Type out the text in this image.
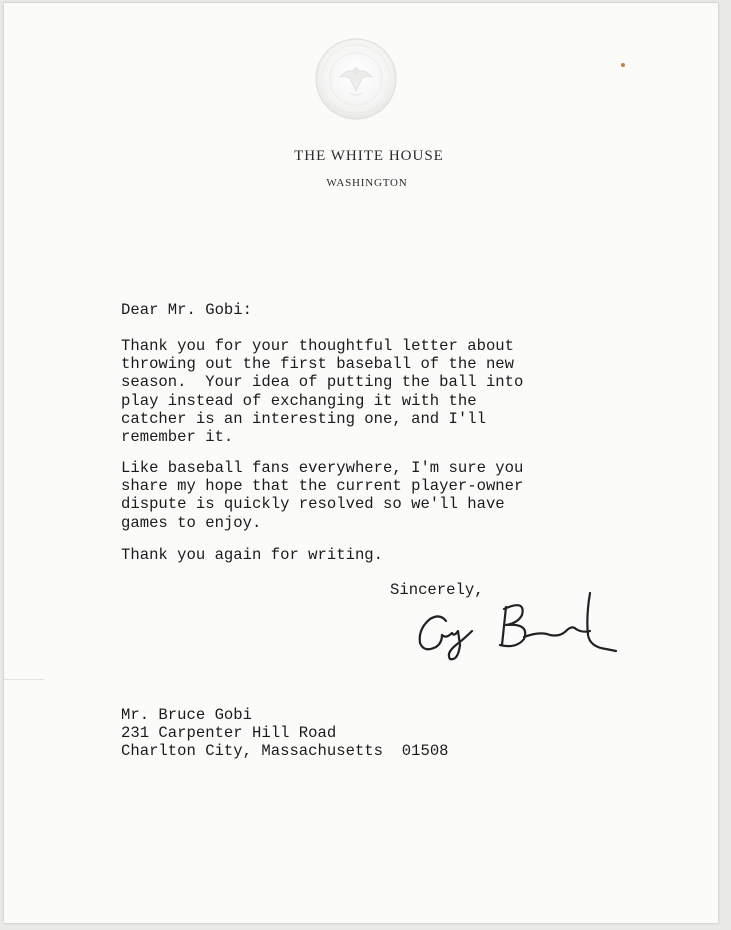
THE WHITE HOUSE
WASHINGTON
Dear Mr. Gobi:
Thank you for your thoughtful letter about
throwing out the first baseball of the new
season.  Your idea of putting the ball into
play instead of exchanging it with the
catcher is an interesting one, and I'll
remember it.
Like baseball fans everywhere, I'm sure you
share my hope that the current player-owner
dispute is quickly resolved so we'll have
games to enjoy.
Thank you again for writing.
Sincerely,
Mr. Bruce Gobi
231 Carpenter Hill Road
Charlton City, Massachusetts 01508
